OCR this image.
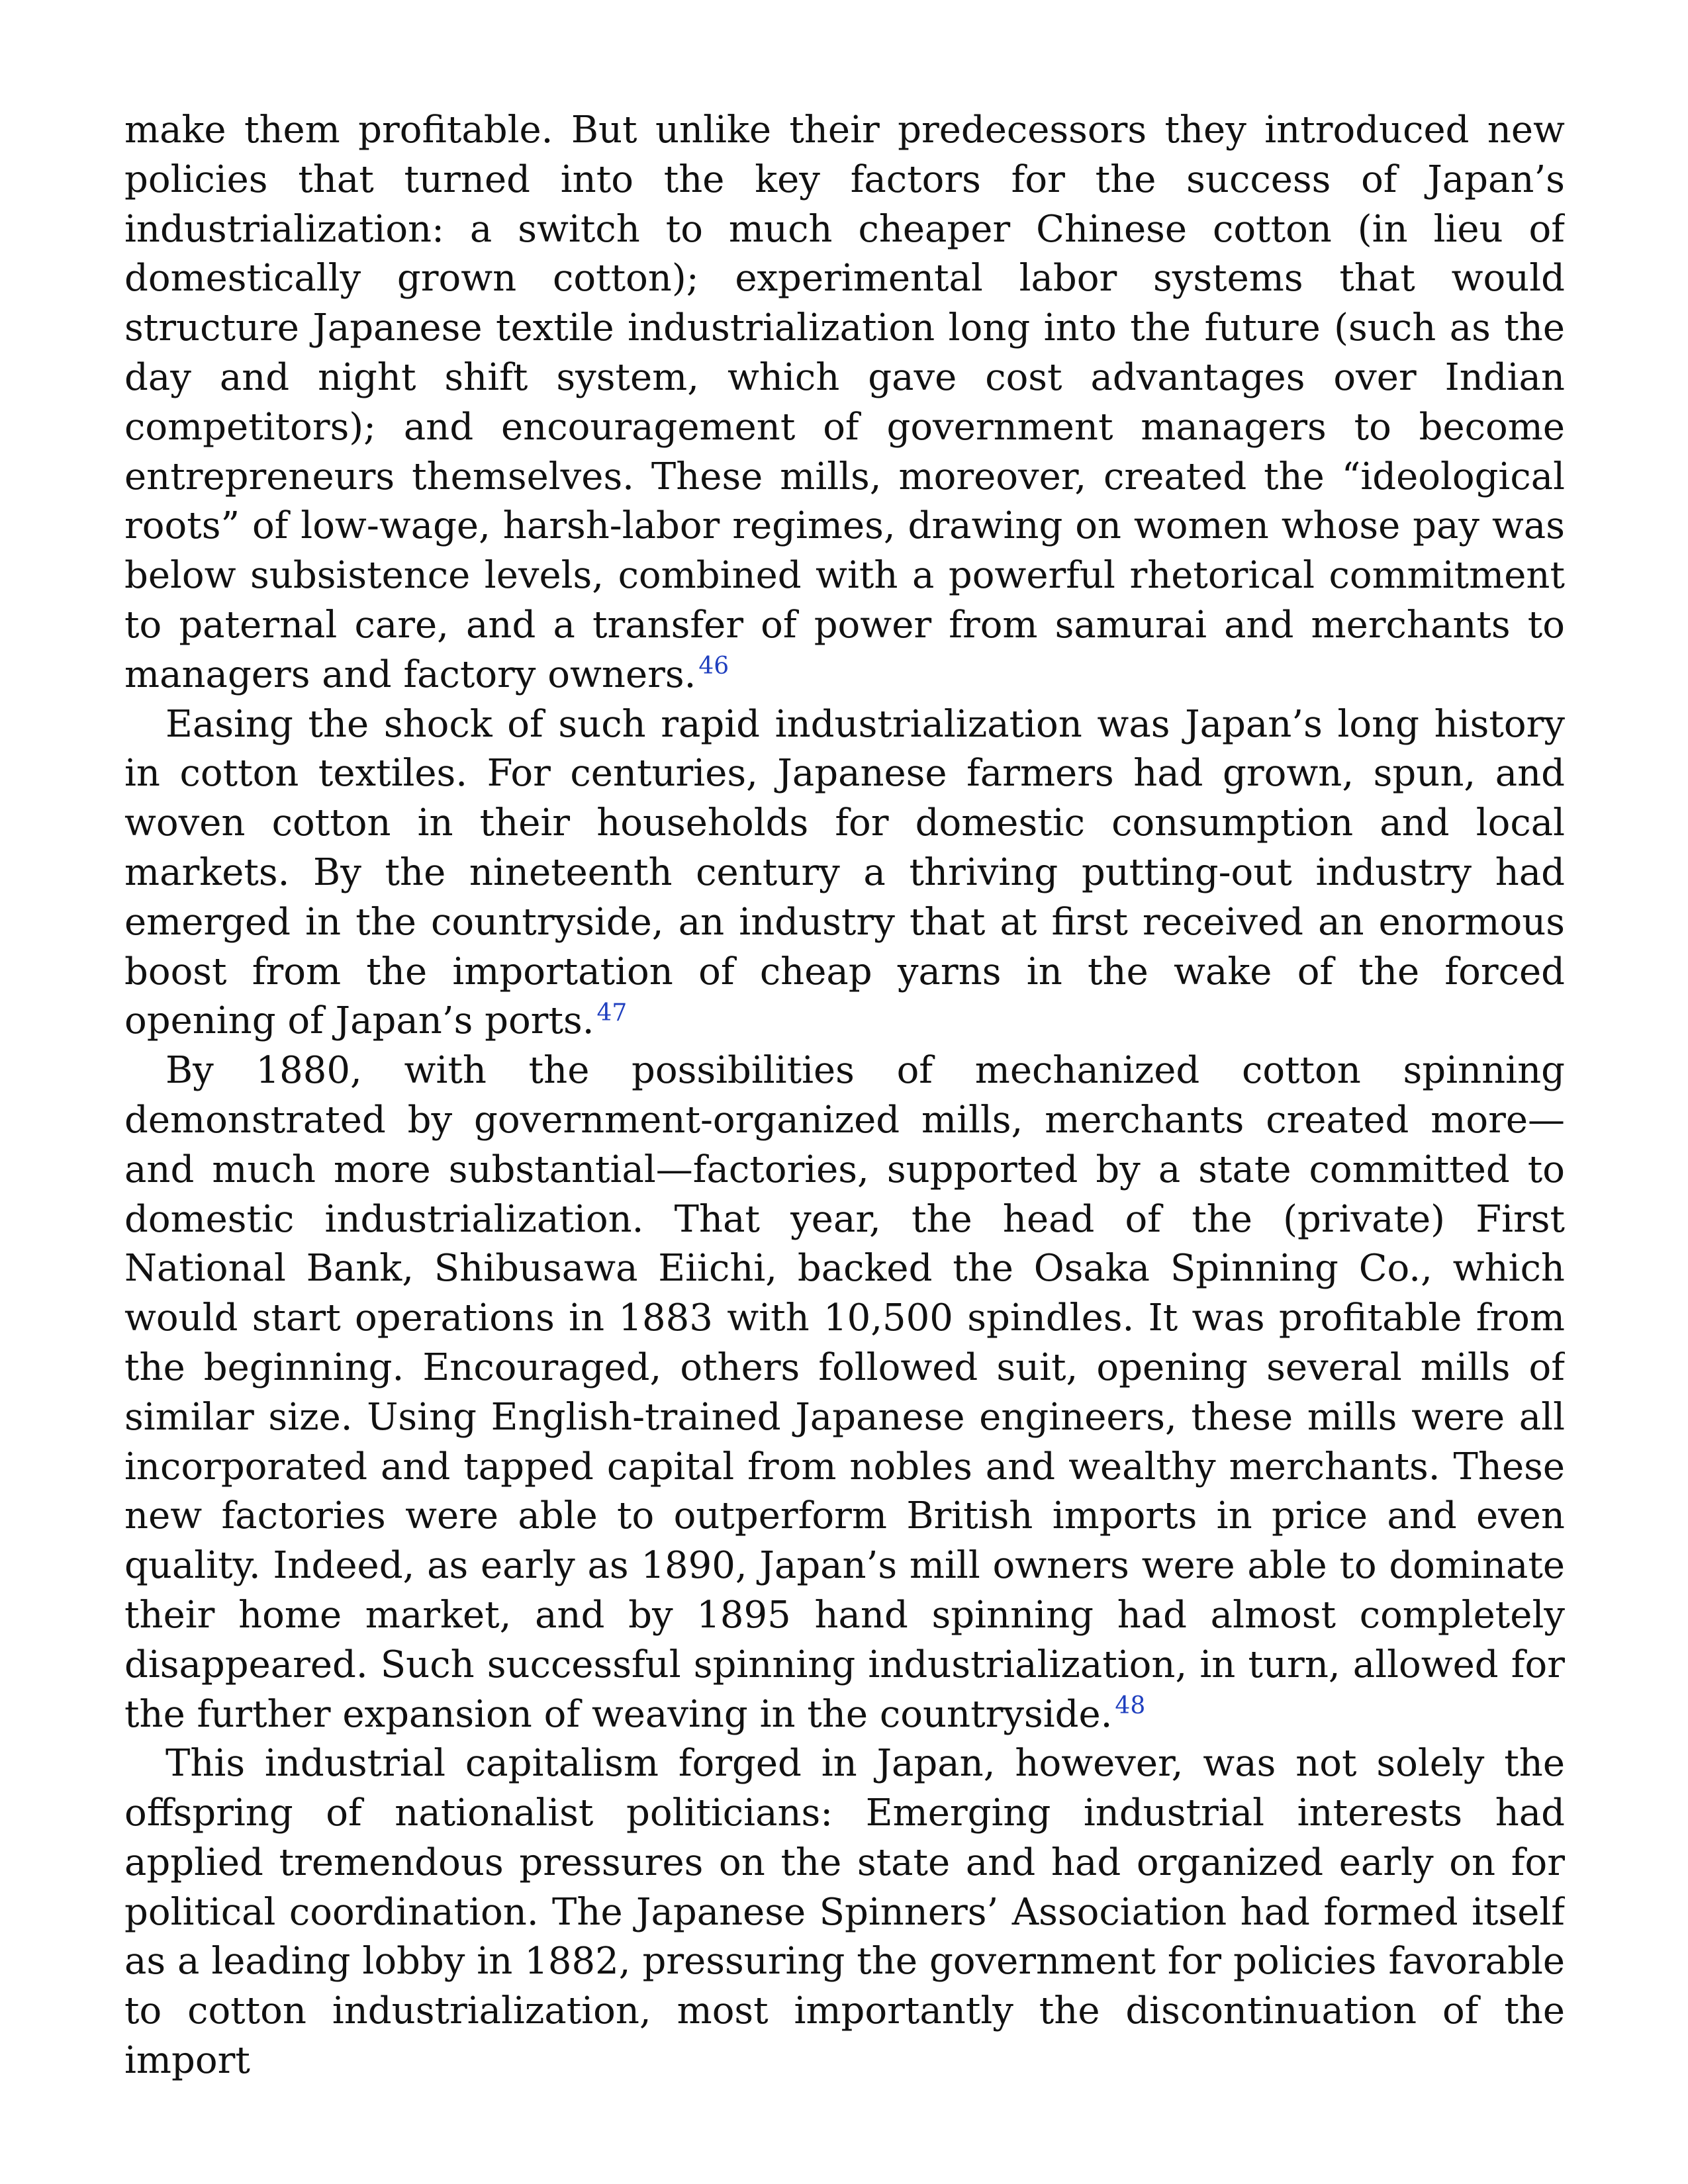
make them profitable. But unlike their predecessors they introduced new policies that turned into the key factors for the success of Japan’s industrialization: a switch to much cheaper Chinese cotton (in lieu of domestically grown cotton); experimental labor systems that would structure Japanese textile industrialization long into the future (such as the day and night shift system, which gave cost advantages over Indian competitors); and encouragement of government managers to become entrepreneurs themselves. These mills, moreover, created the “ideological roots” of low-wage, harsh-labor regimes, drawing on women whose pay was below subsistence levels, combined with a powerful rhetorical commitment to paternal care, and a transfer of power from samurai and merchants to managers and factory owners. $^{46}$

Easing the shock of such rapid industrialization was Japan’s long history in cotton textiles. For centuries, Japanese farmers had grown, spun, and woven cotton in their households for domestic consumption and local markets. By the nineteenth century a thriving putting-out industry had emerged in the countryside, an industry that at first received an enormous boost from the importation of cheap yarns in the wake of the forced opening of Japan’s ports. $^{47}$

By 1880, with the possibilities of mechanized cotton spinning demonstrated by government-organized mills, merchants created more—and much more substantial—factories, supported by a state committed to domestic industrialization. That year, the head of the (private) First National Bank, Shibusawa Eiichi, backed the Osaka Spinning Co., which would start operations in 1883 with 10,500 spindles. It was profitable from the beginning. Encouraged, others followed suit, opening several mills of similar size. Using English-trained Japanese engineers, these mills were all incorporated and tapped capital from nobles and wealthy merchants. These new factories were able to outperform British imports in price and even quality. Indeed, as early as 1890, Japan’s mill owners were able to dominate their home market, and by 1895 hand spinning had almost completely disappeared. Such successful spinning industrialization, in turn, allowed for the further expansion of weaving in the countryside. $^{48}$

This industrial capitalism forged in Japan, however, was not solely the offspring of nationalist politicians: Emerging industrial interests had applied tremendous pressures on the state and had organized early on for political coordination. The Japanese Spinners’ Association had formed itself as a leading lobby in 1882, pressuring the government for policies favorable to cotton industrialization, most importantly the discontinuation of the import
